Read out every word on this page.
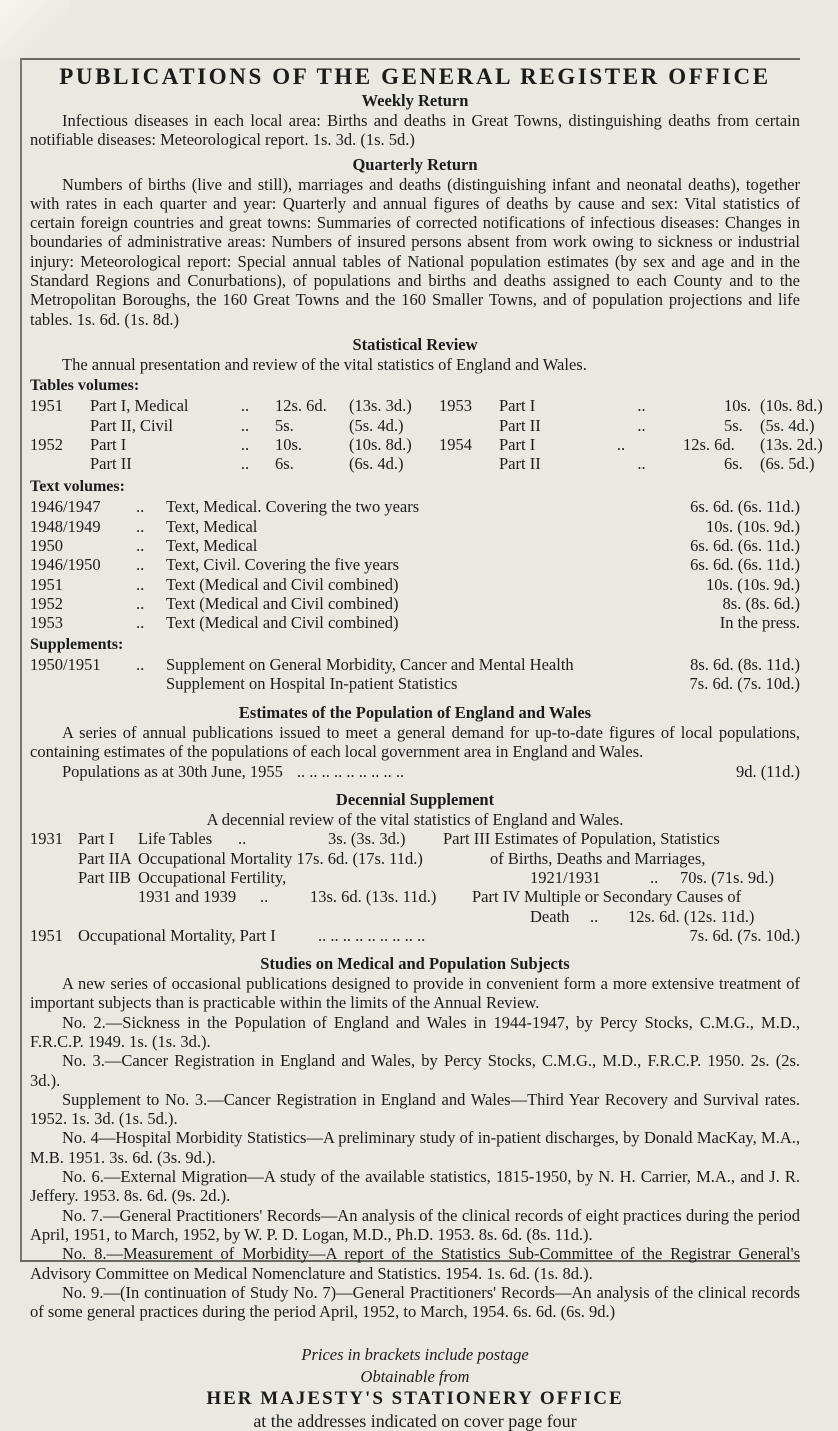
PUBLICATIONS OF THE GENERAL REGISTER OFFICE
Weekly Return

Infectious diseases in each local area: Births and deaths in Great Towns, distinguishing deaths from certain notifiable diseases: Meteorological report. 1s. 3d. (1s. 5d.)

Quarterly Return

Numbers of births (live and still), marriages and deaths (distinguishing infant and neonatal deaths), together with rates in each quarter and year: Quarterly and annual figures of deaths by cause and sex: Vital statistics of certain foreign countries and great towns: Summaries of corrected notifications of infectious diseases: Changes in boundaries of administrative areas: Numbers of insured persons absent from work owing to sickness or industrial injury: Meteorological report: Special annual tables of National population estimates (by sex and age and in the Standard Regions and Conurbations), of populations and births and deaths assigned to each County and to the Metropolitan Boroughs, the 160 Great Towns and the 160 Smaller Towns, and of population projections and life tables. 1s. 6d. (1s. 8d.)

Statistical Review

The annual presentation and review of the vital statistics of England and Wales.

Tables volumes:
1951	Part I, Medical	..	12s. 6d.	(13s. 3d.)	1953	Part I	..	10s. (10s. 8d.)
Part II, Civil	..	5s.	(5s. 4d.)	Part II	..	5s.	(5s. 4d.)
1952	Part I	..	10s.	(10s. 8d.)	1954	Part I	..	12s. 6d.	(13s. 2d.)
Part II	..	6s.	(6s. 4d.)	Part II	..	6s.	(6s. 5d.)
Text volumes:
1946/1947	..	Text, Medical. Covering the two years	6s. 6d. (6s. 11d.)
1948/1949	..	Text, Medical	10s. (10s. 9d.)
1950	..	Text, Medical	6s. 6d. (6s. 11d.)
1946/1950	..	Text, Civil. Covering the five years	6s. 6d. (6s. 11d.)
1951	..	Text (Medical and Civil combined)	10s. (10s. 9d.)
1952	..	Text (Medical and Civil combined)	8s. (8s. 6d.)
1953	..	Text (Medical and Civil combined)	In the press.
Supplements:
1950/1951	..	Supplement on General Morbidity, Cancer and Mental Health	8s. 6d. (8s. 11d.)
Supplement on Hospital In-patient Statistics	7s. 6d. (7s. 10d.)
Estimates of the Population of England and Wales

A series of annual publications issued to meet a general demand for up-to-date figures of local populations, containing estimates of the populations of each local government area in England and Wales.

Populations as at 30th June, 1955 .. .. .. .. .. .. .. .. ..	9d. (11d.)
Decennial Supplement
A decennial review of the vital statistics of England and Wales.
1931 Part I	Life Tables	..	3s. (3s. 3d.)	Part III Estimates of Population, Statistics
Part IIA Occupational Mortality 17s. 6d. (17s. 11d.)	of Births, Deaths and Marriages,
Part IIB Occupational Fertility,	1921/1931	..	70s. (71s. 9d.)
1931 and 1939	..	13s. 6d. (13s. 11d.)	Part IV Multiple or Secondary Causes of
Death	..	12s. 6d. (12s. 11d.)
1951 Occupational Mortality, Part I	.. .. .. .. .. .. .. .. ..	7s. 6d. (7s. 10d.)
Studies on Medical and Population Subjects

A new series of occasional publications designed to provide in convenient form a more extensive treatment of important subjects than is practicable within the limits of the Annual Review.

No. 2.—Sickness in the Population of England and Wales in 1944-1947, by Percy Stocks, C.M.G., M.D., F.R.C.P. 1949. 1s. (1s. 3d.).

No. 3.—Cancer Registration in England and Wales, by Percy Stocks, C.M.G., M.D., F.R.C.P. 1950. 2s. (2s. 3d.).

Supplement to No. 3.—Cancer Registration in England and Wales—Third Year Recovery and Survival rates. 1952. 1s. 3d. (1s. 5d.).

No. 4—Hospital Morbidity Statistics—A preliminary study of in-patient discharges, by Donald MacKay, M.A., M.B. 1951. 3s. 6d. (3s. 9d.).

No. 6.—External Migration—A study of the available statistics, 1815-1950, by N. H. Carrier, M.A., and J. R. Jeffery. 1953. 8s. 6d. (9s. 2d.).

No. 7.—General Practitioners' Records—An analysis of the clinical records of eight practices during the period April, 1951, to March, 1952, by W. P. D. Logan, M.D., Ph.D. 1953. 8s. 6d. (8s. 11d.).

No. 8.—Measurement of Morbidity—A report of the Statistics Sub-Committee of the Registrar General's Advisory Committee on Medical Nomenclature and Statistics. 1954. 1s. 6d. (1s. 8d.).

No. 9.—(In continuation of Study No. 7)—General Practitioners' Records—An analysis of the clinical records of some general practices during the period April, 1952, to March, 1954. 6s. 6d. (6s. 9d.)

Prices in brackets include postage
Obtainable from
HER MAJESTY'S STATIONERY OFFICE
at the addresses indicated on cover page four
